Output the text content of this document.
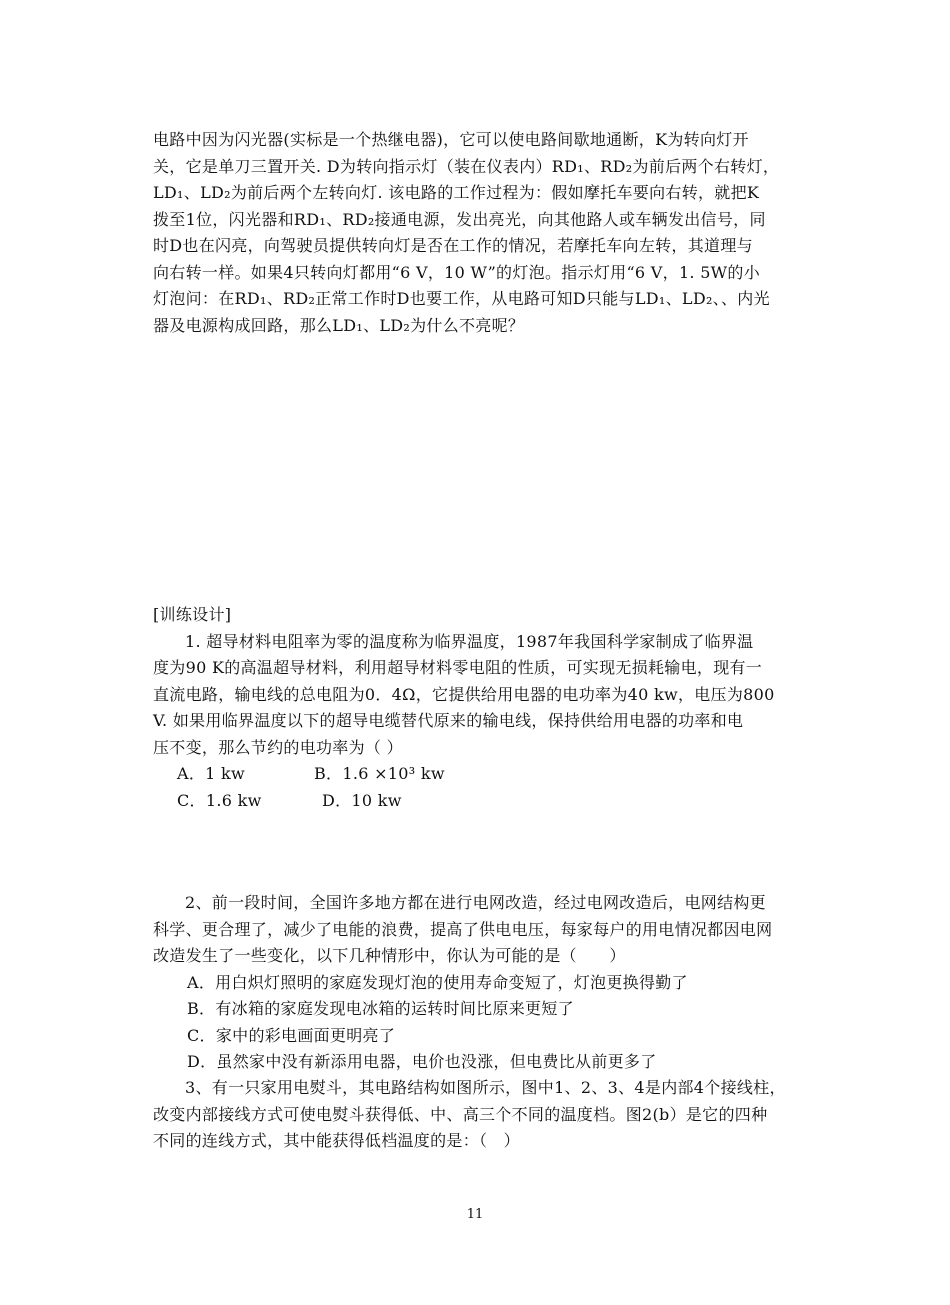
电路中因为闪光器(实标是一个热继电器)，它可以使电路间歇地通断，K为转向灯开

关，它是单刀三置开关. D为转向指示灯（装在仪表内）RD₁、RD₂为前后两个右转灯，

LD₁、LD₂为前后两个左转向灯. 该电路的工作过程为：假如摩托车要向右转，就把K

拨至1位，闪光器和RD₁、RD₂接通电源，发出亮光，向其他路人或车辆发出信号，同

时D也在闪亮，向驾驶员提供转向灯是否在工作的情况，若摩托车向左转，其道理与

向右转一样。如果4只转向灯都用“6 V，10 W”的灯泡。指示灯用“6 V，1. 5W的小

灯泡问：在RD₁、RD₂正常工作时D也要工作，从电路可知D只能与LD₁、LD₂、、内光

器及电源构成回路，那么LD₁、LD₂为什么不亮呢？

[训练设计]

1. 超导材料电阻率为零的温度称为临界温度，1987年我国科学家制成了临界温

度为90 K的高温超导材料，利用超导材料零电阻的性质，可实现无损耗输电，现有一

直流电路，输电线的总电阻为0．4Ω，它提供给用电器的电功率为40 kw，电压为800

V. 如果用临界温度以下的超导电缆替代原来的输电线，保持供给用电器的功率和电

压不变，那么节约的电功率为（ ）

A．1 kw	B．1.6 ×10³ kw
C．1.6 kw	D．10 kw

2、前一段时间，全国许多地方都在进行电网改造，经过电网改造后，电网结构更

科学、更合理了，减少了电能的浪费，提高了供电电压，每家每户的用电情况都因电网

改造发生了一些变化，以下几种情形中，你认为可能的是（　　）

A．用白炽灯照明的家庭发现灯泡的使用寿命变短了，灯泡更换得勤了

B．有冰箱的家庭发现电冰箱的运转时间比原来更短了

C．家中的彩电画面更明亮了

D．虽然家中没有新添用电器，电价也没涨，但电费比从前更多了

3、有一只家用电熨斗，其电路结构如图所示，图中1、2、3、4是内部4个接线柱，

改变内部接线方式可使电熨斗获得低、中、高三个不同的温度档。图2(b）是它的四种

不同的连线方式，其中能获得低档温度的是：（　）

11
